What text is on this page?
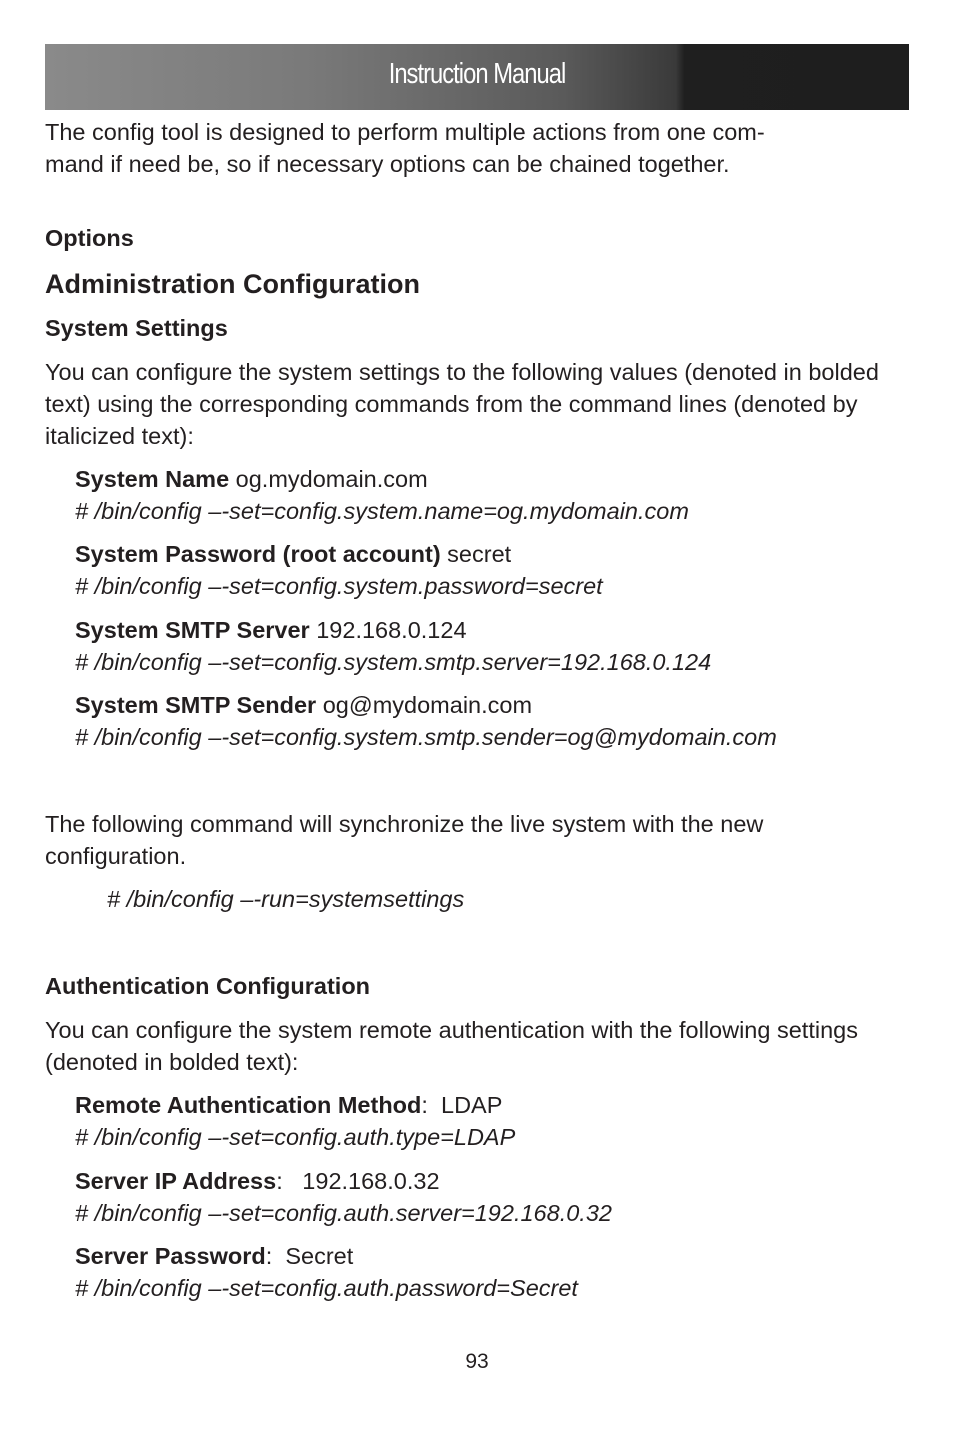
Instruction Manual

The config tool is designed to perform multiple actions from one com-
mand if need be, so if necessary options can be chained together.

Options
Administration Configuration
System Settings

You can configure the system settings to the following values (denoted in bolded text) using the corresponding commands from the command lines (denoted by italicized text):

System Name og.mydomain.com
# /bin/config –-set=config.system.name=og.mydomain.com
System Password (root account) secret
# /bin/config –-set=config.system.password=secret
System SMTP Server 192.168.0.124
# /bin/config –-set=config.system.smtp.server=192.168.0.124
System SMTP Sender og@mydomain.com
# /bin/config –-set=config.system.smtp.sender=og@mydomain.com

The following command will synchronize the live system with the new configuration.

# /bin/config –-run=systemsettings
Authentication Configuration

You can configure the system remote authentication with the following settings (denoted in bolded text):

Remote Authentication Method:  LDAP
# /bin/config –-set=config.auth.type=LDAP
Server IP Address:   192.168.0.32
# /bin/config –-set=config.auth.server=192.168.0.32
Server Password:  Secret
# /bin/config –-set=config.auth.password=Secret
93
